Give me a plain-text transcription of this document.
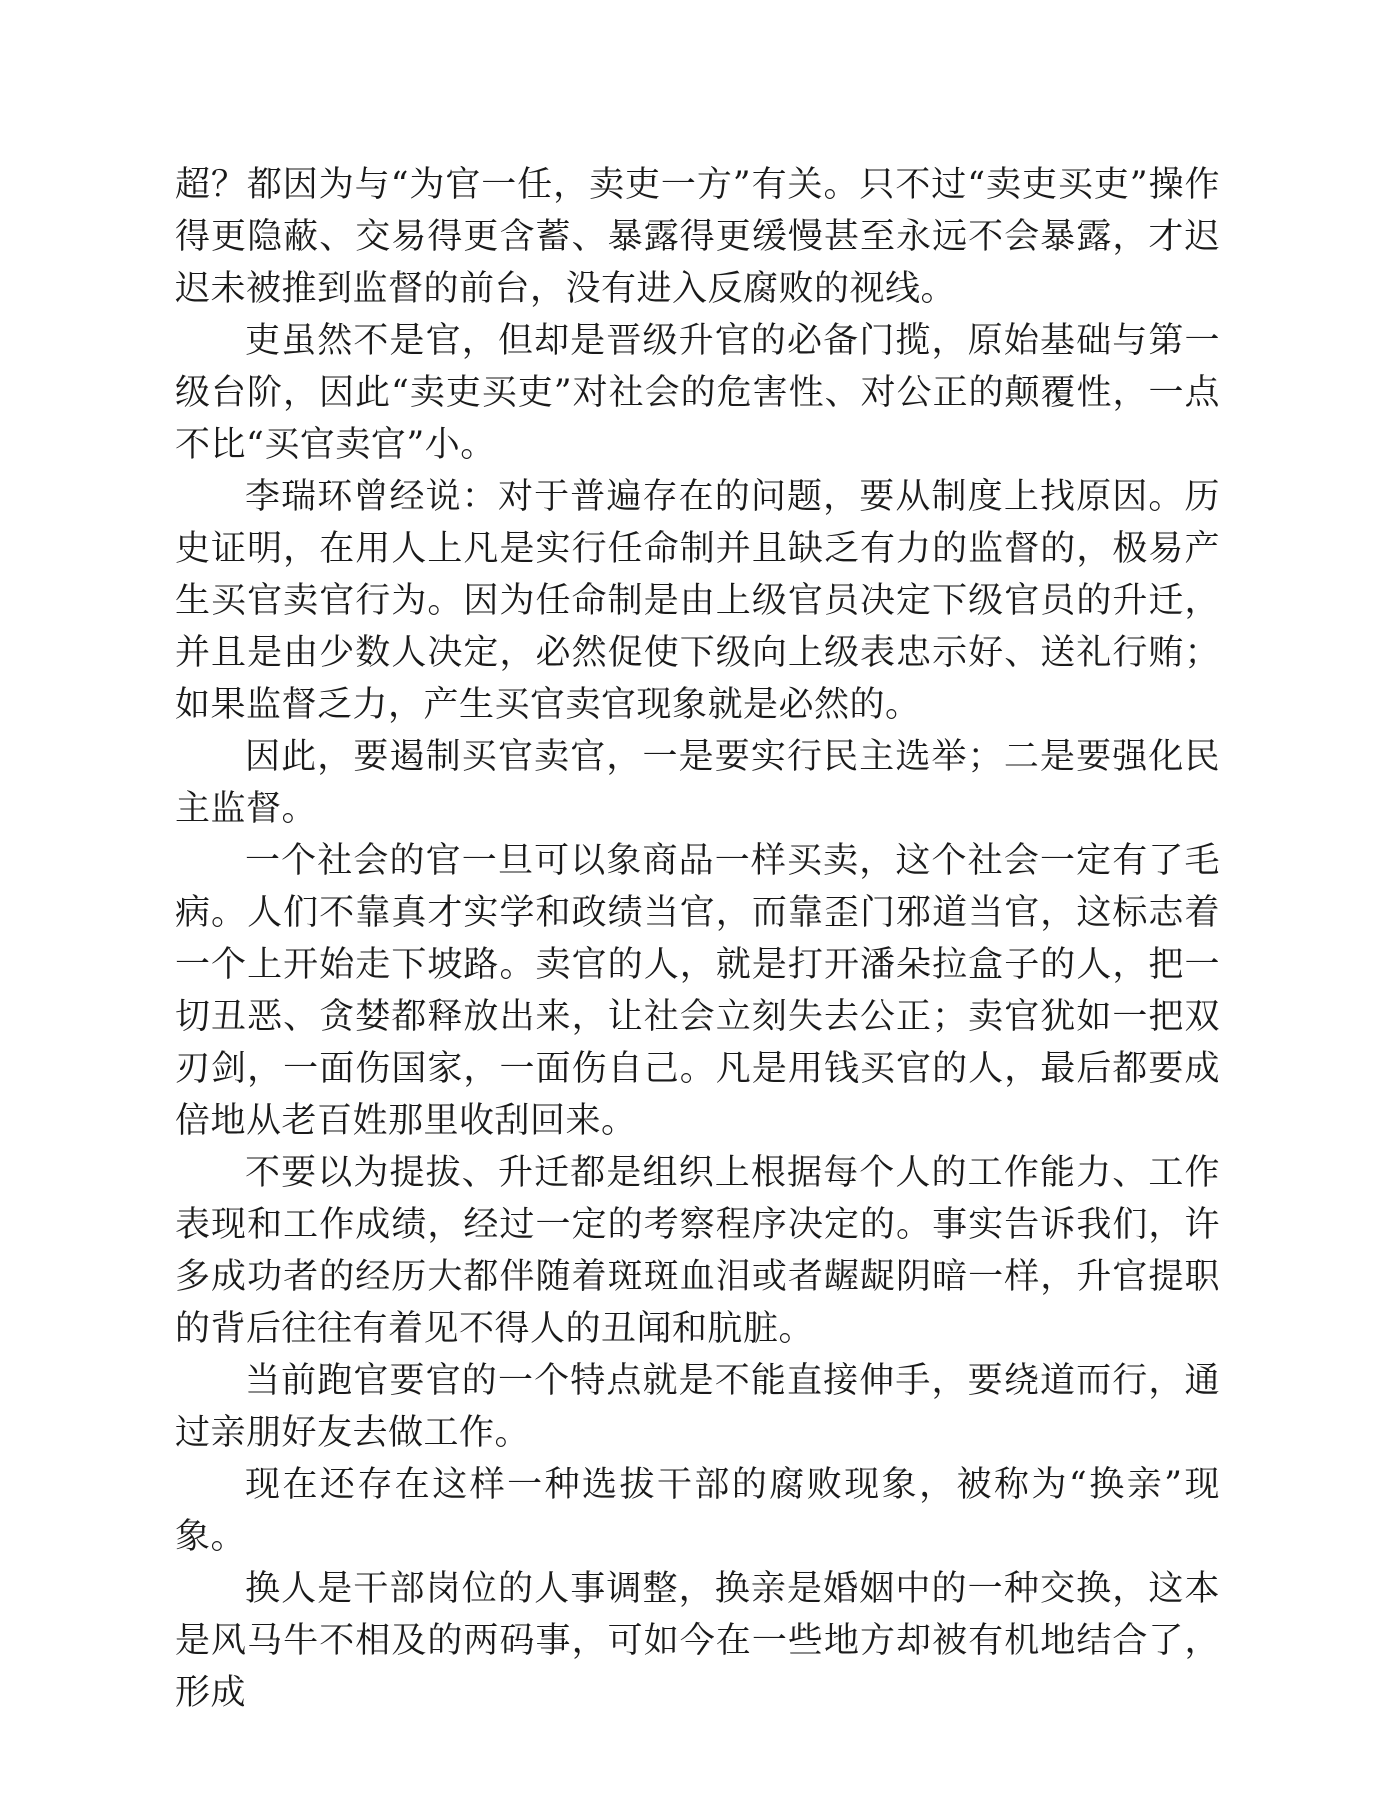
超？都因为与“为官一任，卖吏一方”有关。只不过“卖吏买吏”操作得更隐蔽、交易得更含蓄、暴露得更缓慢甚至永远不会暴露，才迟迟未被推到监督的前台，没有进入反腐败的视线。

吏虽然不是官，但却是晋级升官的必备门揽，原始基础与第一级台阶，因此“卖吏买吏”对社会的危害性、对公正的颠覆性，一点不比“买官卖官”小。

李瑞环曾经说：对于普遍存在的问题，要从制度上找原因。历史证明，在用人上凡是实行任命制并且缺乏有力的监督的，极易产生买官卖官行为。因为任命制是由上级官员决定下级官员的升迁，并且是由少数人决定，必然促使下级向上级表忠示好、送礼行贿；如果监督乏力，产生买官卖官现象就是必然的。

因此，要遏制买官卖官，一是要实行民主选举；二是要强化民主监督。

一个社会的官一旦可以象商品一样买卖，这个社会一定有了毛病。人们不靠真才实学和政绩当官，而靠歪门邪道当官，这标志着一个上开始走下坡路。卖官的人，就是打开潘朵拉盒子的人，把一切丑恶、贪婪都释放出来，让社会立刻失去公正；卖官犹如一把双刃剑，一面伤国家，一面伤自己。凡是用钱买官的人，最后都要成倍地从老百姓那里收刮回来。

不要以为提拔、升迁都是组织上根据每个人的工作能力、工作表现和工作成绩，经过一定的考察程序决定的。事实告诉我们，许多成功者的经历大都伴随着斑斑血泪或者龌龊阴暗一样，升官提职的背后往往有着见不得人的丑闻和肮脏。

当前跑官要官的一个特点就是不能直接伸手，要绕道而行，通过亲朋好友去做工作。

现在还存在这样一种选拔干部的腐败现象，被称为“换亲”现象。

换人是干部岗位的人事调整，换亲是婚姻中的一种交换，这本是风马牛不相及的两码事，可如今在一些地方却被有机地结合了，形成
